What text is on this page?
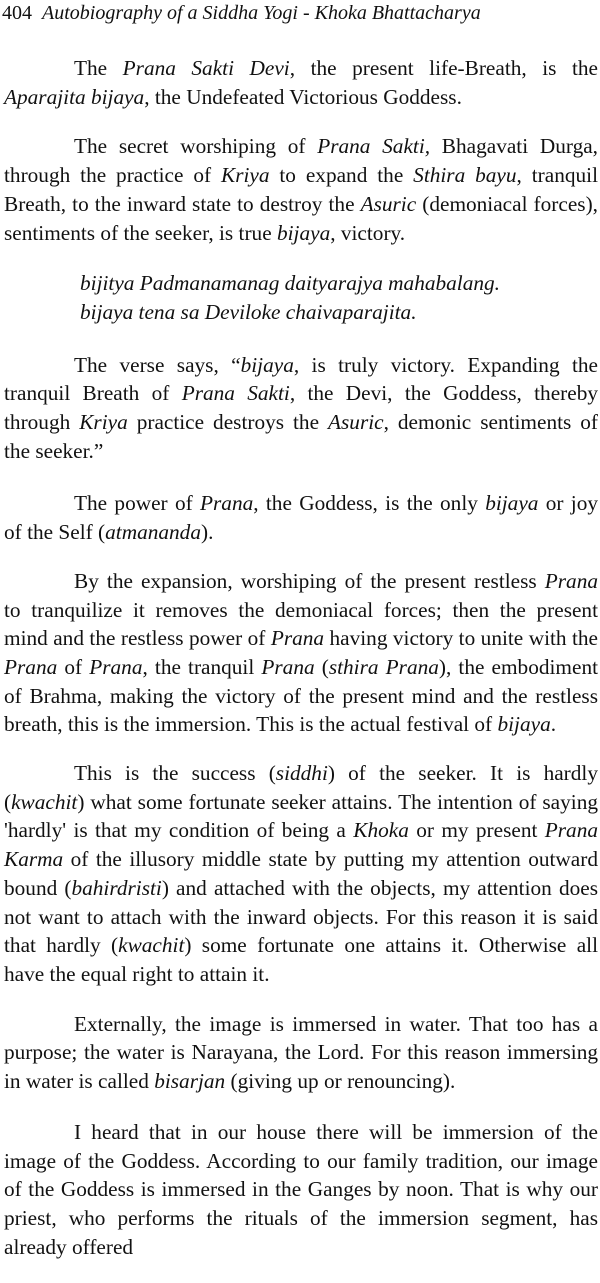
404 Autobiography of a Siddha Yogi - Khoka Bhattacharya

The Prana Sakti Devi, the present life-Breath, is the Aparajita bijaya, the Undefeated Victorious Goddess.

The secret worshiping of Prana Sakti, Bhagavati Durga, through the practice of Kriya to expand the Sthira bayu, tranquil Breath, to the inward state to destroy the Asuric (demoniacal forces), sentiments of the seeker, is true bijaya, victory.

bijitya Padmanamanag daityarajya mahabalang.
bijaya tena sa Deviloke chaivaparajita.

The verse says, “bijaya, is truly victory. Expanding the tranquil Breath of Prana Sakti, the Devi, the Goddess, thereby through Kriya practice destroys the Asuric, demonic sentiments of the seeker.”

The power of Prana, the Goddess, is the only bijaya or joy of the Self (atmananda).

By the expansion, worshiping of the present restless Prana to tranquilize it removes the demoniacal forces; then the present mind and the restless power of Prana having victory to unite with the Prana of Prana, the tranquil Prana (sthira Prana), the embodiment of Brahma, making the victory of the present mind and the restless breath, this is the immersion. This is the actual festival of bijaya.

This is the success (siddhi) of the seeker. It is hardly (kwachit) what some fortunate seeker attains. The intention of saying 'hardly' is that my condition of being a Khoka or my present Prana Karma of the illusory middle state by putting my attention outward bound (bahirdristi) and attached with the objects, my attention does not want to attach with the inward objects. For this reason it is said that hardly (kwachit) some fortunate one attains it. Otherwise all have the equal right to attain it.

Externally, the image is immersed in water. That too has a purpose; the water is Narayana, the Lord. For this reason immersing in water is called bisarjan (giving up or renouncing).

I heard that in our house there will be immersion of the image of the Goddess. According to our family tradition, our image of the Goddess is immersed in the Ganges by noon. That is why our priest, who performs the rituals of the immersion segment, has already offered
